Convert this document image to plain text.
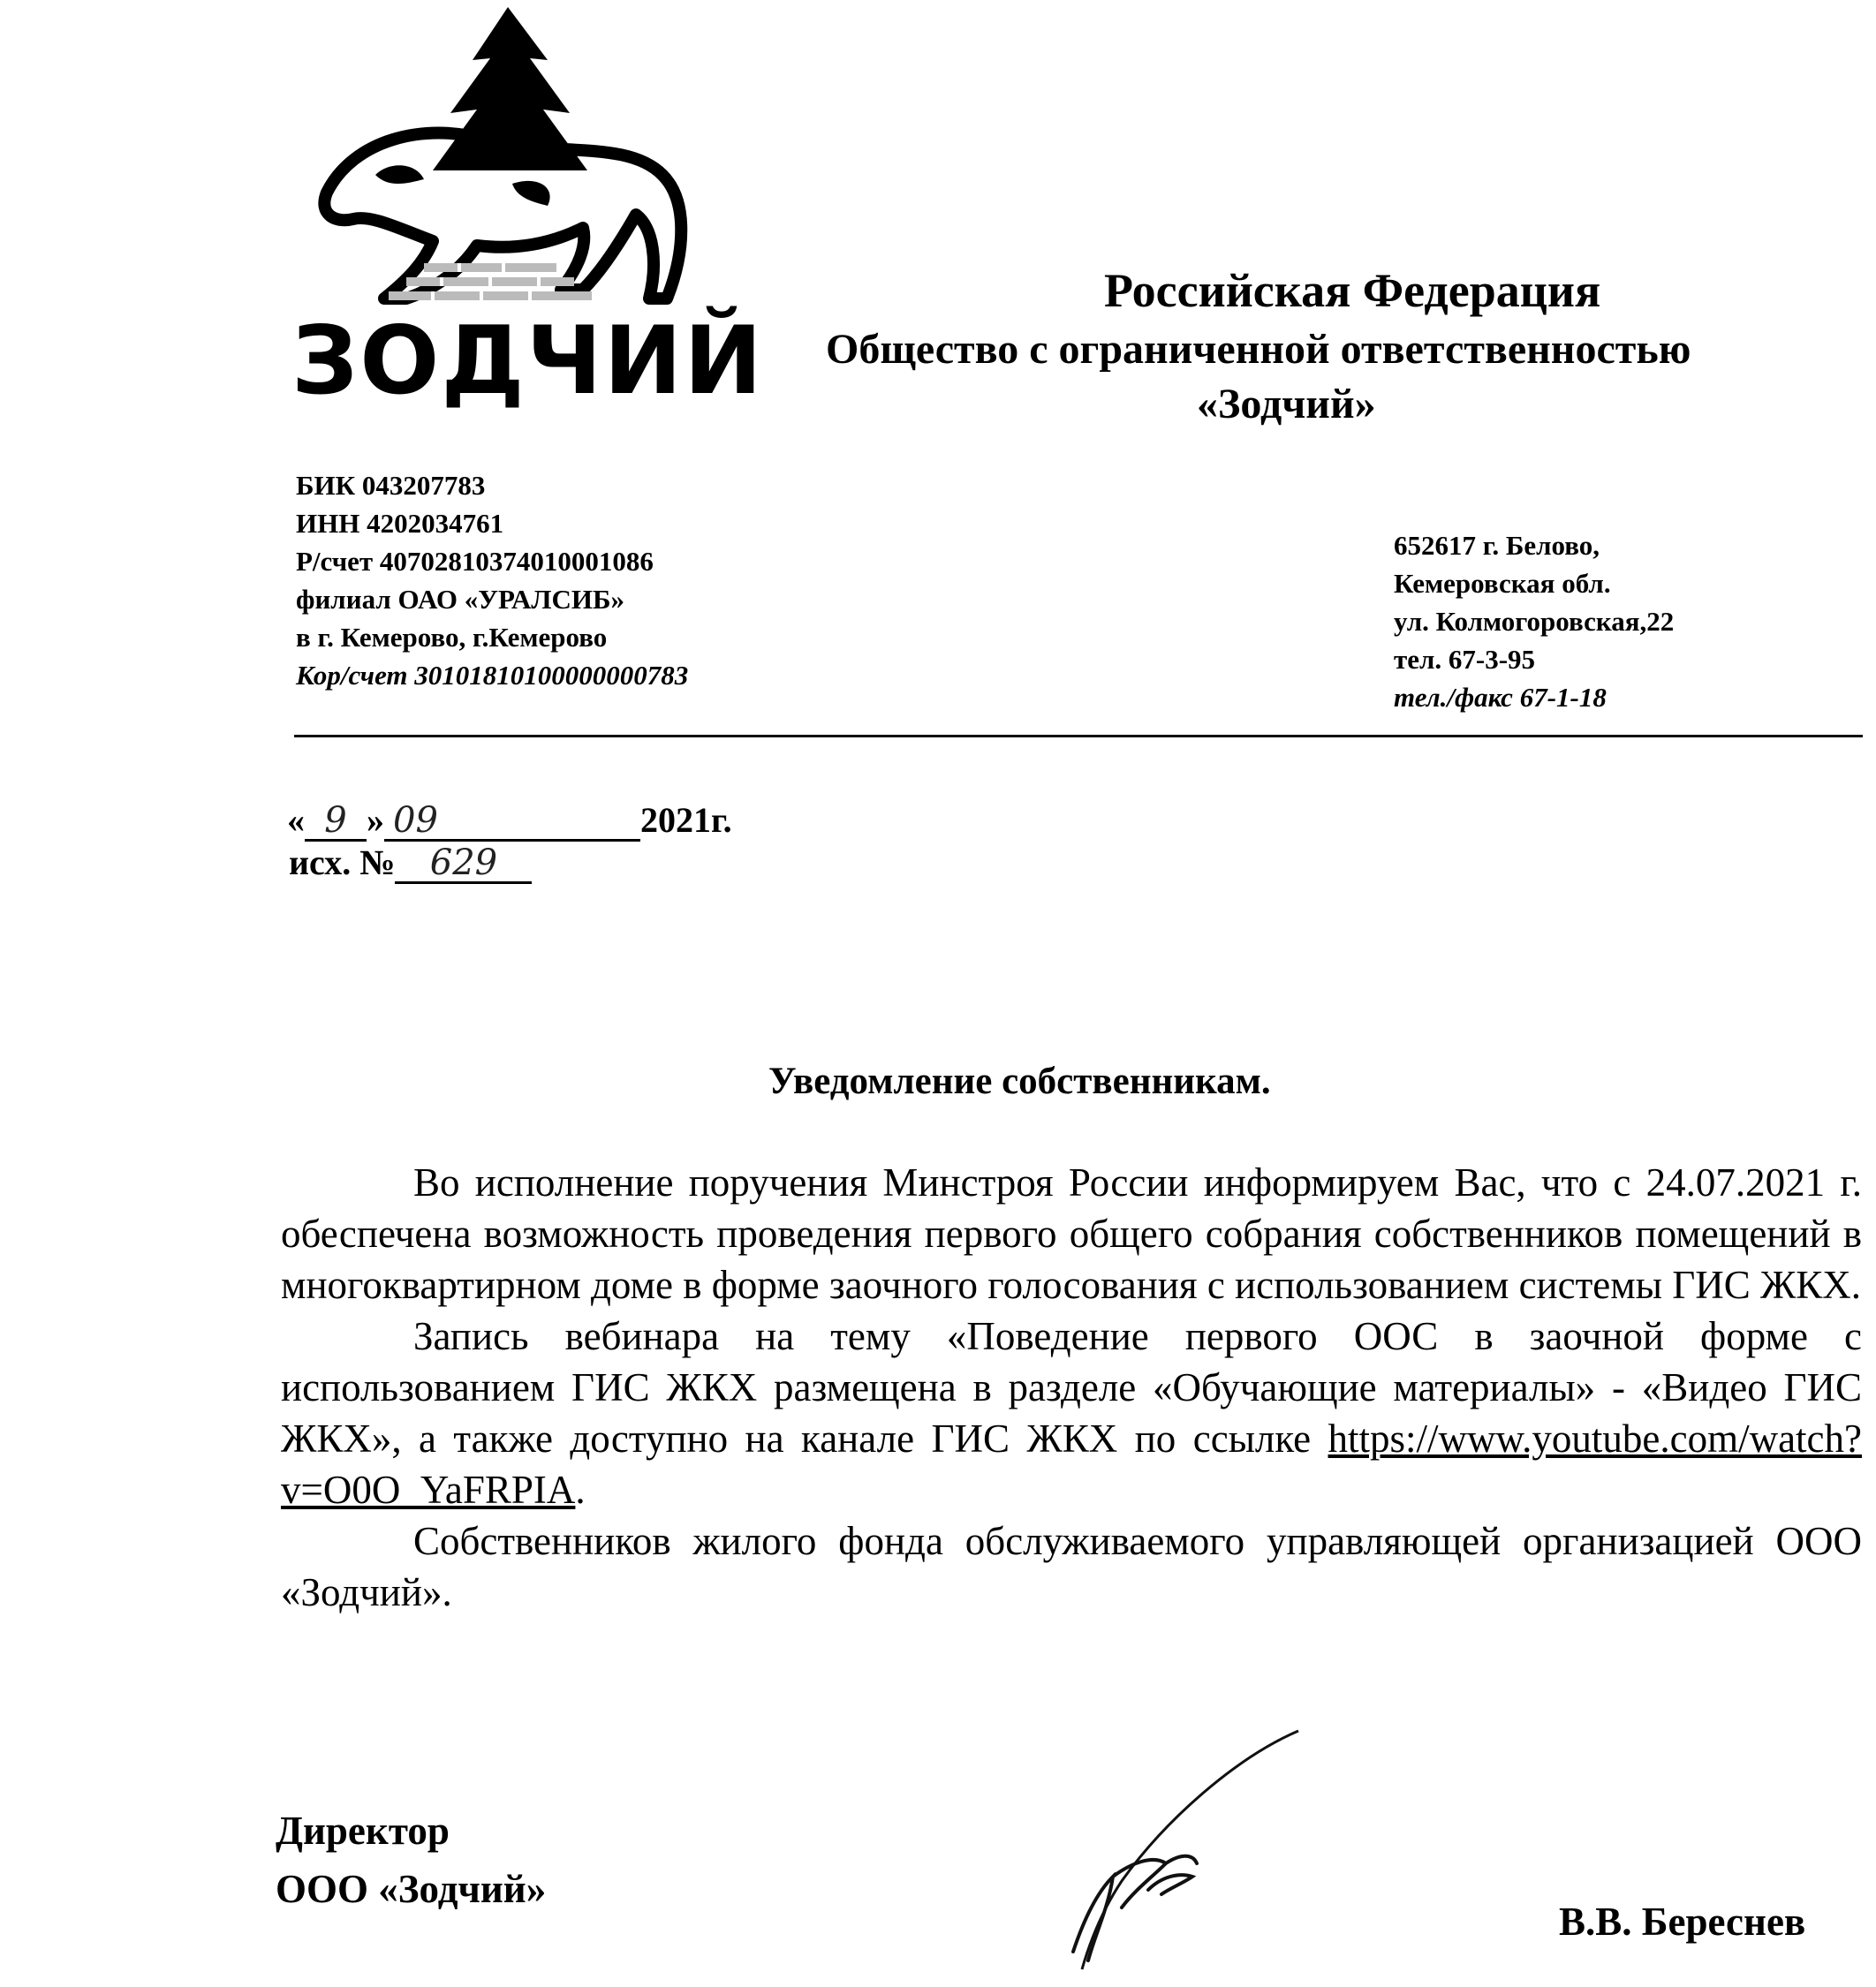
ЗОДЧИЙ
Российская Федерация
Общество с ограниченной ответственностью
«Зодчий»
БИК 043207783
ИНН 4202034761
Р/счет 40702810374010001086
филиал ОАО «УРАЛСИБ»
в г. Кемерово, г.Кемерово
Кор/счет 30101810100000000783
652617 г. Белово,
Кемеровская обл.
ул. Колмогоровская,22
тел. 67-3-95
тел./факс 67-1-18
« 9 » 09	2021г.
исх. № 629
Уведомление собственникам.

Во исполнение поручения Минстроя России информируем Вас, что с 24.07.2021 г. обеспечена возможность проведения первого общего собрания собственников помещений в многоквартирном доме в форме заочного голосования с использованием системы ГИС ЖКХ.

Запись вебинара на тему «Поведение первого ООС в заочной форме с использованием ГИС ЖКХ размещена в разделе «Обучающие материалы» - «Видео ГИС ЖКХ», а также доступно на канале ГИС ЖКХ по ссылке https://www.youtube.com/watch?v=O0O_YaFRPIA.

Собственников жилого фонда обслуживаемого управляющей организацией ООО «Зодчий».

Директор
ООО «Зодчий»
В.В. Береснев
